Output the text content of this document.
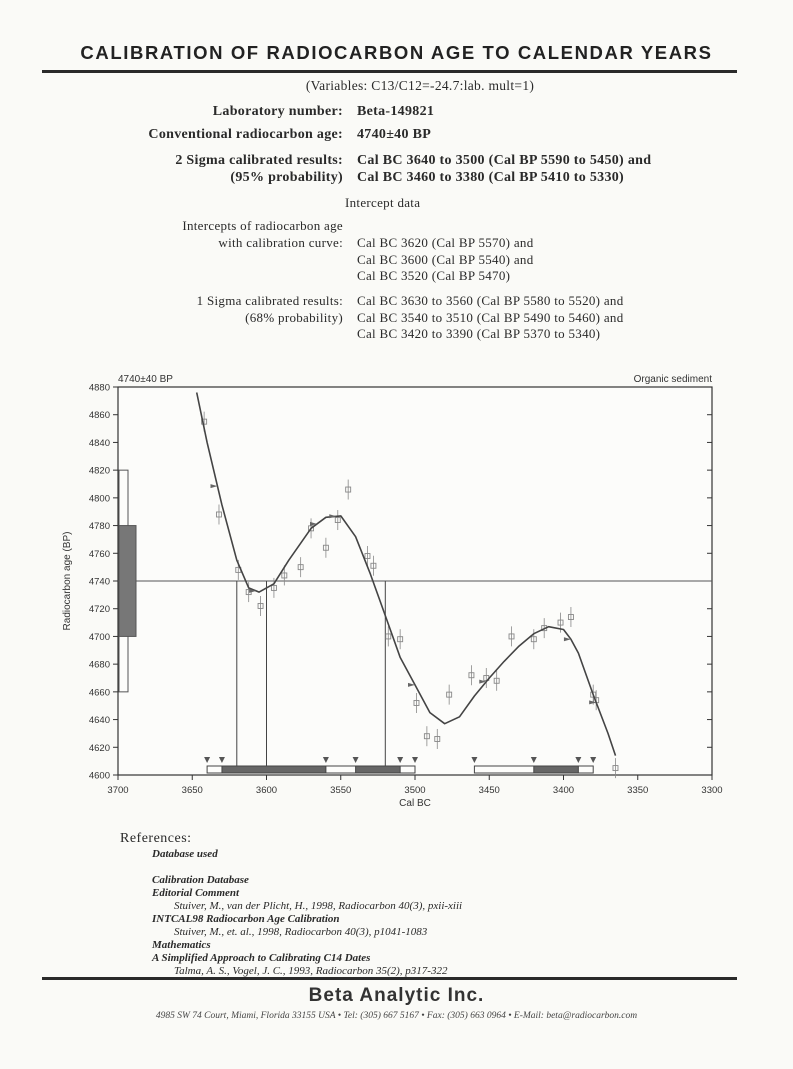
CALIBRATION OF RADIOCARBON AGE TO CALENDAR YEARS
(Variables: C13/C12=-24.7:lab. mult=1)
Laboratory number: Beta-149821
Conventional radiocarbon age: 4740±40 BP
2 Sigma calibrated results:
(95% probability)
Cal BC 3640 to 3500 (Cal BP 5590 to 5450) and
Cal BC 3460 to 3380 (Cal BP 5410 to 5330)
Intercept data
Intercepts of radiocarbon age
with calibration curve: Cal BC 3620 (Cal BP 5570) and
Cal BC 3600 (Cal BP 5540) and
Cal BC 3520 (Cal BP 5470)
1 Sigma calibrated results:
(68% probability)
Cal BC 3630 to 3560 (Cal BP 5580 to 5520) and
Cal BC 3540 to 3510 (Cal BP 5490 to 5460) and
Cal BC 3420 to 3390 (Cal BP 5370 to 5340)
4740±40 BP	Organic sediment
Cal BC
Radiocarbon age (BP)
4600
4620
4640
4660
4680
4700
4720
4740
4760
4780
4800
4820
4840
4860
4880
3700	3650	3600	3550	3500	3450	3400	3350	3300
References:
Database used
Calibration Database
Editorial Comment
Stuiver, M., van der Plicht, H., 1998, Radiocarbon 40(3), pxii-xiii
INTCAL98 Radiocarbon Age Calibration
Stuiver, M., et. al., 1998, Radiocarbon 40(3), p1041-1083
Mathematics
A Simplified Approach to Calibrating C14 Dates
Talma, A. S., Vogel, J. C., 1993, Radiocarbon 35(2), p317-322
Beta Analytic Inc.
4985 SW 74 Court, Miami, Florida 33155 USA • Tel: (305) 667 5167 • Fax: (305) 663 0964 • E-Mail: beta@radiocarbon.com
